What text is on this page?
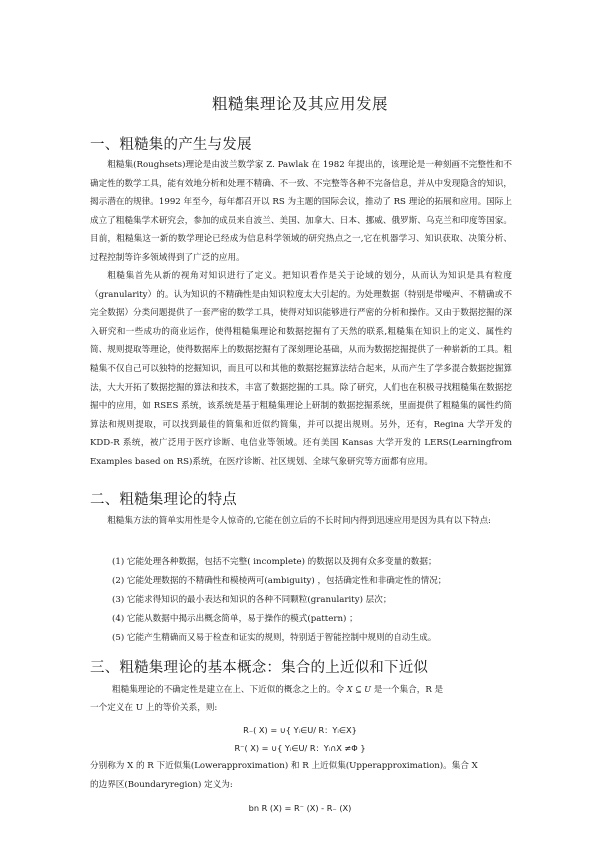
粗糙集理论及其应用发展
一、粗糙集的产生与发展

粗糙集(Roughsets)理论是由波兰数学家 Z. Pawlak 在 1982 年提出的，该理论是一种刻画不完整性和不确定性的数学工具，能有效地分析和处理不精确、不一致、不完整等各种不完备信息，并从中发现隐含的知识，揭示潜在的规律。1992 年至今，每年都召开以 RS 为主题的国际会议，推动了 RS 理论的拓展和应用。国际上成立了粗糙集学术研究会，参加的成员来自波兰、美国、加拿大、日本、挪威、俄罗斯、乌克兰和印度等国家。目前，粗糙集这一新的数学理论已经成为信息科学领域的研究热点之一,它在机器学习、知识获取、决策分析、过程控制等许多领域得到了广泛的应用。

粗糙集首先从新的视角对知识进行了定义。把知识看作是关于论域的划分，从而认为知识是具有粒度（granularity）的。认为知识的不精确性是由知识粒度太大引起的。为处理数据（特别是带噪声、不精确或不完全数据）分类问题提供了一套严密的数学工具，使得对知识能够进行严密的分析和操作。又由于数据挖掘的深入研究和一些成功的商业运作，使得粗糙集理论和数据挖掘有了天然的联系,粗糙集在知识上的定义、属性约简、规则提取等理论，使得数据库上的数据挖掘有了深刻理论基础，从而为数据挖掘提供了一种崭新的工具。粗糙集不仅自己可以独特的挖掘知识，而且可以和其他的数据挖掘算法结合起来，从而产生了学多混合数据挖掘算法，大大开拓了数据挖掘的算法和技术，丰富了数据挖掘的工具。除了研究，人们也在积极寻找粗糙集在数据挖掘中的应用，如 RSES 系统，该系统是基于粗糙集理论上研制的数据挖掘系统，里面提供了粗糙集的属性约简算法和规则提取，可以找到最佳的简集和近似约简集，并可以提出规则。另外，还有，Regina 大学开发的 KDD-R 系统，被广泛用于医疗诊断、电信业等领域。还有美国 Kansas 大学开发的 LERS(Learningfrom Examples based on RS)系统，在医疗诊断、社区规划、全球气象研究等方面都有应用。

二、粗糙集理论的特点

粗糙集方法的简单实用性是令人惊奇的,它能在创立后的不长时间内得到迅速应用是因为具有以下特点:

(1) 它能处理各种数据，包括不完整( incomplete) 的数据以及拥有众多变量的数据；
(2) 它能处理数据的不精确性和模棱两可(ambiguity) ，包括确定性和非确定性的情况；
(3) 它能求得知识的最小表达和知识的各种不同颗粒(granularity) 层次；
(4) 它能从数据中揭示出概念简单，易于操作的模式(pattern) ；
(5) 它能产生精确而又易于检查和证实的规则，特别适于智能控制中规则的自动生成。
三、粗糙集理论的基本概念：集合的上近似和下近似
粗糙集理论的不确定性是建立在上、下近似的概念之上的。令 X ⊆ U 是一个集合，R 是
一个定义在 U 上的等价关系，则:
R₋( X) = ∪{ Yᵢ∈U/ R：Yᵢ∈X}
R⁻( X) = ∪{ Yᵢ∈U/ R：Yᵢ∩X ≠Φ }
分别称为 X 的 R 下近似集(Lowerapproximation) 和 R 上近似集(Upperapproximation)。集合 X
的边界区(Boundaryregion) 定义为:
bn R (X) = R⁻ (X) - R₋ (X)
